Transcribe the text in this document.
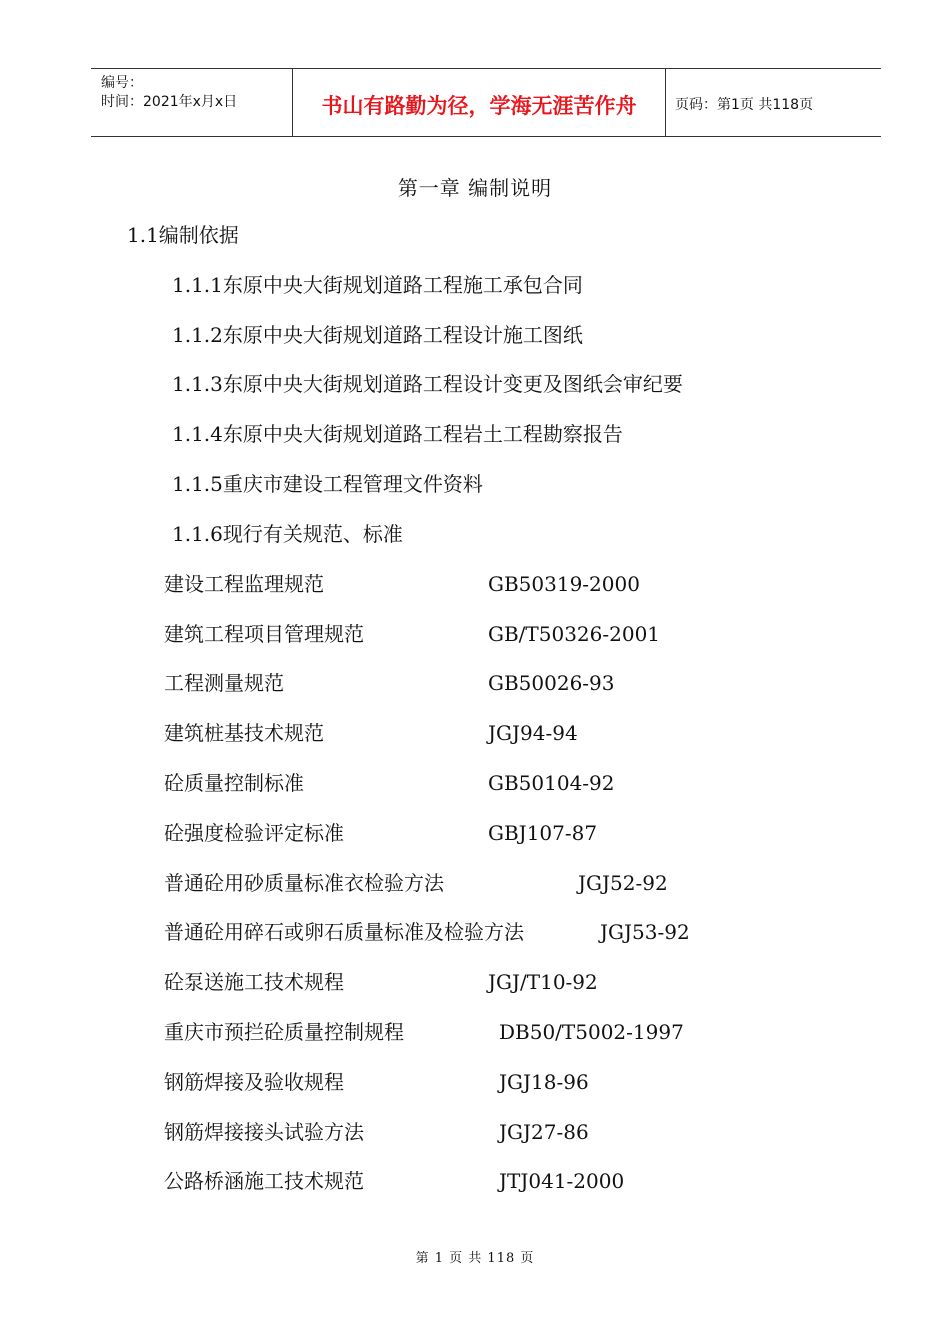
编号：
时间：2021年x月x日	书山有路勤为径，学海无涯苦作舟	页码：第1页 共118页
第一章 编制说明
1.1编制依据
1.1.1东原中央大街规划道路工程施工承包合同
1.1.2东原中央大街规划道路工程设计施工图纸
1.1.3东原中央大街规划道路工程设计变更及图纸会审纪要
1.1.4东原中央大街规划道路工程岩土工程勘察报告
1.1.5重庆市建设工程管理文件资料
1.1.6现行有关规范、标准
建设工程监理规范	GB50319-2000
建筑工程项目管理规范	GB/T50326-2001
工程测量规范	GB50026-93
建筑桩基技术规范	JGJ94-94
砼质量控制标准	GB50104-92
砼强度检验评定标准	GBJ107-87
普通砼用砂质量标准衣检验方法	JGJ52-92
普通砼用碎石或卵石质量标准及检验方法	JGJ53-92
砼泵送施工技术规程	JGJ/T10-92
重庆市预拦砼质量控制规程	DB50/T5002-1997
钢筋焊接及验收规程	JGJ18-96
钢筋焊接接头试验方法	JGJ27-86
公路桥涵施工技术规范	JTJ041-2000
第 1 页 共 118 页
